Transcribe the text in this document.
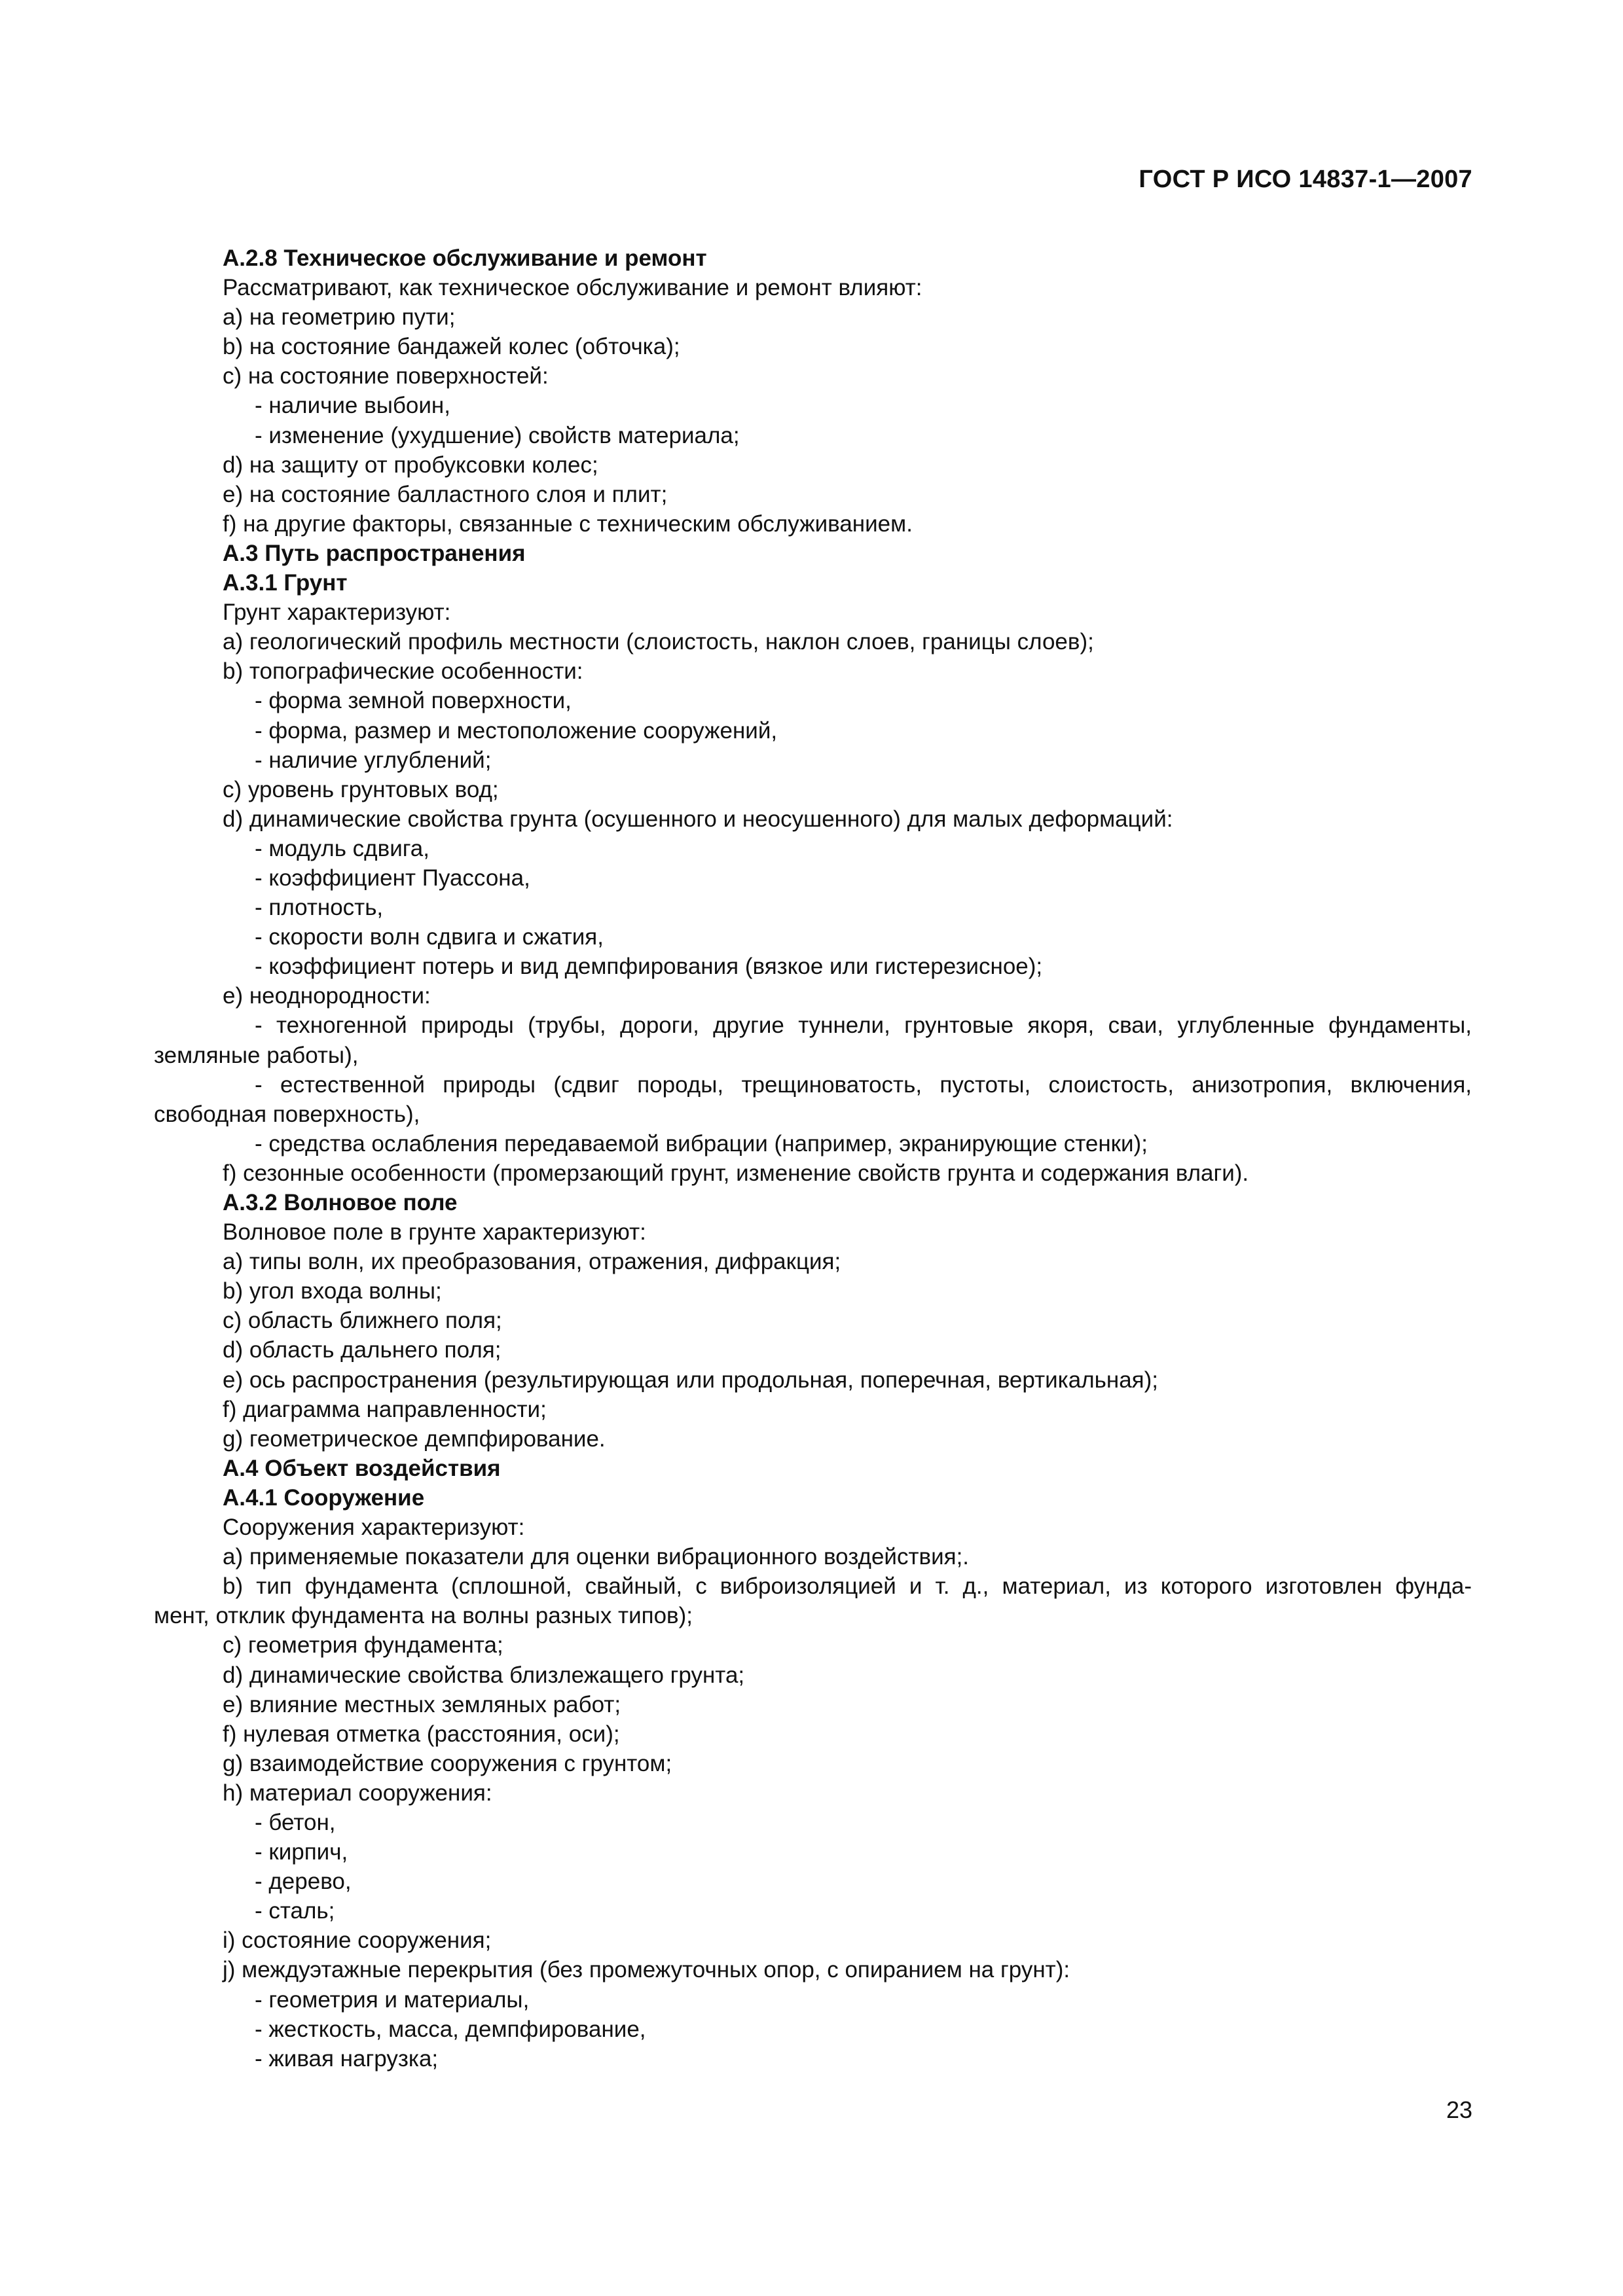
ГОСТ Р ИСО 14837-1—2007
А.2.8 Техническое обслуживание и ремонт
Рассматривают, как техническое обслуживание и ремонт влияют:
a) на геометрию пути;
b) на состояние бандажей колес (обточка);
c) на состояние поверхностей:
- наличие выбоин,
- изменение (ухудшение) свойств материала;
d) на защиту от пробуксовки колес;
e) на состояние балластного слоя и плит;
f) на другие факторы, связанные с техническим обслуживанием.
А.3 Путь распространения
А.3.1 Грунт
Грунт характеризуют:
a) геологический профиль местности (слоистость, наклон слоев, границы слоев);
b) топографические особенности:
- форма земной поверхности,
- форма, размер и местоположение сооружений,
- наличие углублений;
c) уровень грунтовых вод;
d) динамические свойства грунта (осушенного и неосушенного) для малых деформаций:
- модуль сдвига,
- коэффициент Пуассона,
- плотность,
- скорости волн сдвига и сжатия,
- коэффициент потерь и вид демпфирования (вязкое или гистерезисное);
e) неоднородности:
- техногенной природы (трубы, дороги, другие туннели, грунтовые якоря, сваи, углубленные фундаменты,
земляные работы),
- естественной природы (сдвиг породы, трещиноватость, пустоты, слоистость, анизотропия, включения,
свободная поверхность),
- средства ослабления передаваемой вибрации (например, экранирующие стенки);
f) сезонные особенности (промерзающий грунт, изменение свойств грунта и содержания влаги).
А.3.2 Волновое поле
Волновое поле в грунте характеризуют:
a) типы волн, их преобразования, отражения, дифракция;
b) угол входа волны;
c) область ближнего поля;
d) область дальнего поля;
e) ось распространения (результирующая или продольная, поперечная, вертикальная);
f) диаграмма направленности;
g) геометрическое демпфирование.
А.4 Объект воздействия
А.4.1 Сооружение
Сооружения характеризуют:
a) применяемые показатели для оценки вибрационного воздействия;.
b) тип фундамента (сплошной, свайный, с виброизоляцией и т. д., материал, из которого изготовлен фунда-
мент, отклик фундамента на волны разных типов);
c) геометрия фундамента;
d) динамические свойства близлежащего грунта;
e) влияние местных земляных работ;
f) нулевая отметка (расстояния, оси);
g) взаимодействие сооружения с грунтом;
h) материал сооружения:
- бетон,
- кирпич,
- дерево,
- сталь;
i) состояние сооружения;
j) междуэтажные перекрытия (без промежуточных опор, с опиранием на грунт):
- геометрия и материалы,
- жесткость, масса, демпфирование,
- живая нагрузка;
23
